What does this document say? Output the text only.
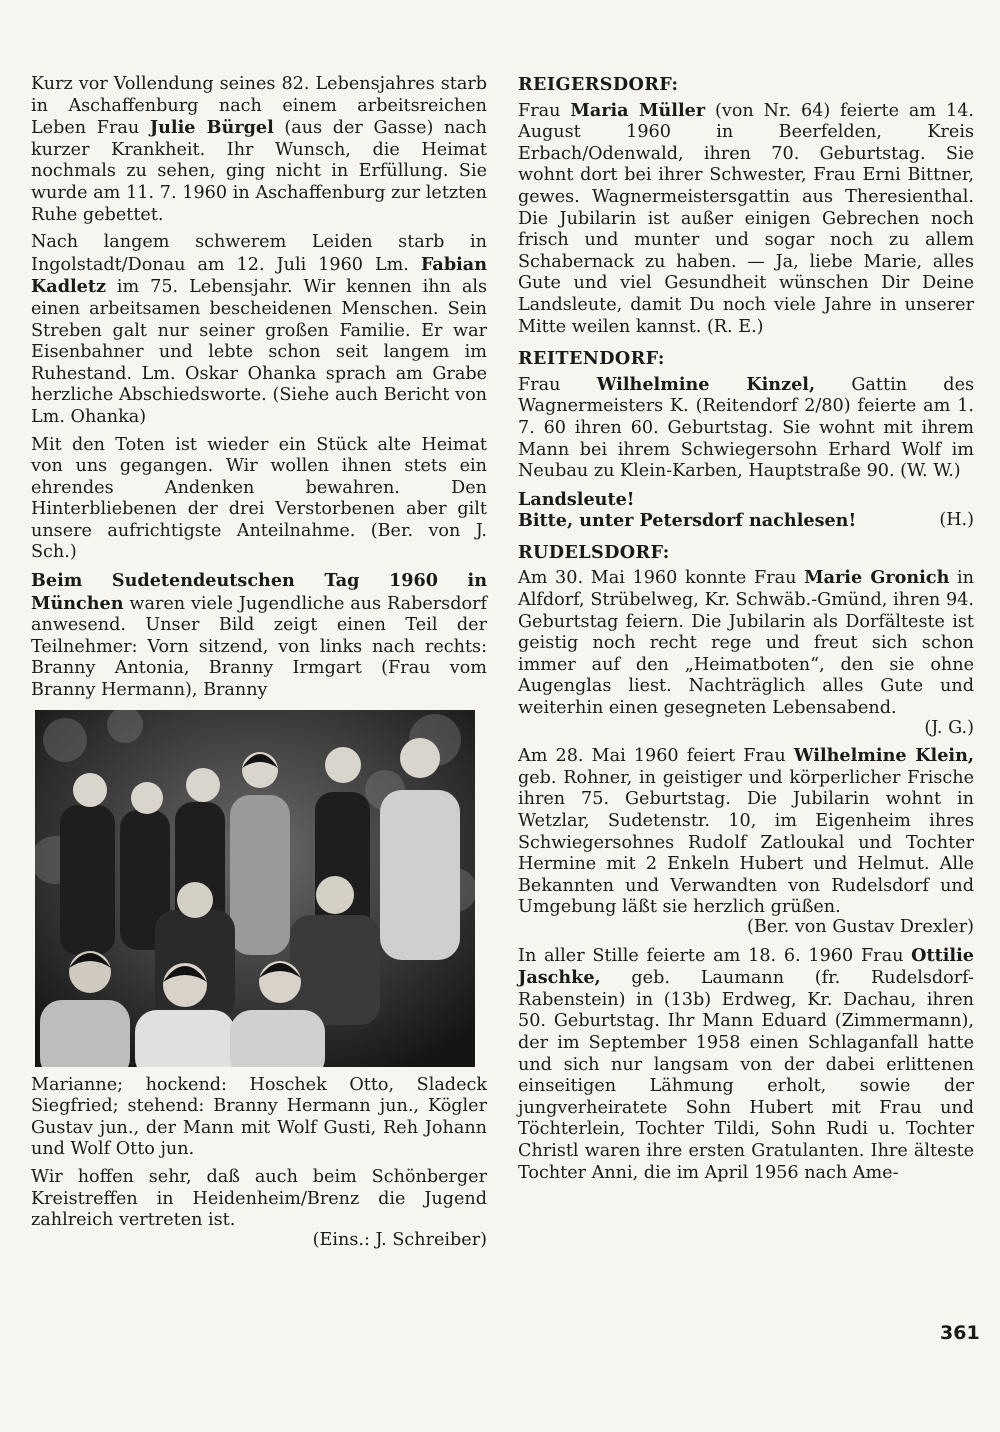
Kurz vor Vollendung seines 82. Lebensjahres starb in Aschaffenburg nach einem arbeitsreichen Leben Frau Julie Bürgel (aus der Gasse) nach kurzer Krankheit. Ihr Wunsch, die Heimat nochmals zu sehen, ging nicht in Erfüllung. Sie wurde am 11. 7. 1960 in Aschaffenburg zur letzten Ruhe gebettet.

Nach langem schwerem Leiden starb in Ingolstadt/Donau am 12. Juli 1960 Lm. Fabian Kadletz im 75. Lebensjahr. Wir kennen ihn als einen arbeitsamen bescheidenen Menschen. Sein Streben galt nur seiner großen Familie. Er war Eisenbahner und lebte schon seit langem im Ruhestand. Lm. Oskar Ohanka sprach am Grabe herzliche Abschiedsworte. (Siehe auch Bericht von Lm. Ohanka)

Mit den Toten ist wieder ein Stück alte Heimat von uns gegangen. Wir wollen ihnen stets ein ehrendes Andenken bewahren. Den Hinterbliebenen der drei Verstorbenen aber gilt unsere aufrichtigste Anteilnahme. (Ber. von J. Sch.)

Beim Sudetendeutschen Tag 1960 in München waren viele Jugendliche aus Rabersdorf anwesend. Unser Bild zeigt einen Teil der Teilnehmer: Vorn sitzend, von links nach rechts: Branny Antonia, Branny Irmgart (Frau vom Branny Hermann), Branny

Marianne; hockend: Hoschek Otto, Sladeck Siegfried; stehend: Branny Hermann jun., Kögler Gustav jun., der Mann mit Wolf Gusti, Reh Johann und Wolf Otto jun.

Wir hoffen sehr, daß auch beim Schönberger Kreistreffen in Heidenheim/Brenz die Jugend zahlreich vertreten ist.

(Eins.: J. Schreiber)

REIGERSDORF:

Frau Maria Müller (von Nr. 64) feierte am 14. August 1960 in Beerfelden, Kreis Erbach/Odenwald, ihren 70. Geburtstag. Sie wohnt dort bei ihrer Schwester, Frau Erni Bittner, gewes. Wagnermeistersgattin aus Theresienthal. Die Jubilarin ist außer einigen Gebrechen noch frisch und munter und sogar noch zu allem Schabernack zu haben. — Ja, liebe Marie, alles Gute und viel Gesundheit wünschen Dir Deine Landsleute, damit Du noch viele Jahre in unserer Mitte weilen kannst. (R. E.)

REITENDORF:

Frau Wilhelmine Kinzel, Gattin des Wagnermeisters K. (Reitendorf 2/80) feierte am 1. 7. 60 ihren 60. Geburtstag. Sie wohnt mit ihrem Mann bei ihrem Schwiegersohn Erhard Wolf im Neubau zu Klein-Karben, Hauptstraße 90. (W. W.)

Landsleute!

Bitte, unter Petersdorf nachlesen!	(H.)

RUDELSDORF:

Am 30. Mai 1960 konnte Frau Marie Gronich in Alfdorf, Strübelweg, Kr. Schwäb.-Gmünd, ihren 94. Geburtstag feiern. Die Jubilarin als Dorfälteste ist geistig noch recht rege und freut sich schon immer auf den „Heimatboten“, den sie ohne Augenglas liest. Nachträglich alles Gute und weiterhin einen gesegneten Lebensabend.

(J. G.)

Am 28. Mai 1960 feiert Frau Wilhelmine Klein, geb. Rohner, in geistiger und körperlicher Frische ihren 75. Geburtstag. Die Jubilarin wohnt in Wetzlar, Sudetenstr. 10, im Eigenheim ihres Schwiegersohnes Rudolf Zatloukal und Tochter Hermine mit 2 Enkeln Hubert und Helmut. Alle Bekannten und Verwandten von Rudelsdorf und Umgebung läßt sie herzlich grüßen.

(Ber. von Gustav Drexler)

In aller Stille feierte am 18. 6. 1960 Frau Ottilie Jaschke, geb. Laumann (fr. Rudelsdorf-Rabenstein) in (13b) Erdweg, Kr. Dachau, ihren 50. Geburtstag. Ihr Mann Eduard (Zimmermann), der im September 1958 einen Schlaganfall hatte und sich nur langsam von der dabei erlittenen einseitigen Lähmung erholt, sowie der jungverheiratete Sohn Hubert mit Frau und Töchterlein, Tochter Tildi, Sohn Rudi u. Tochter Christl waren ihre ersten Gratulanten. Ihre älteste Tochter Anni, die im April 1956 nach Ame-

361
